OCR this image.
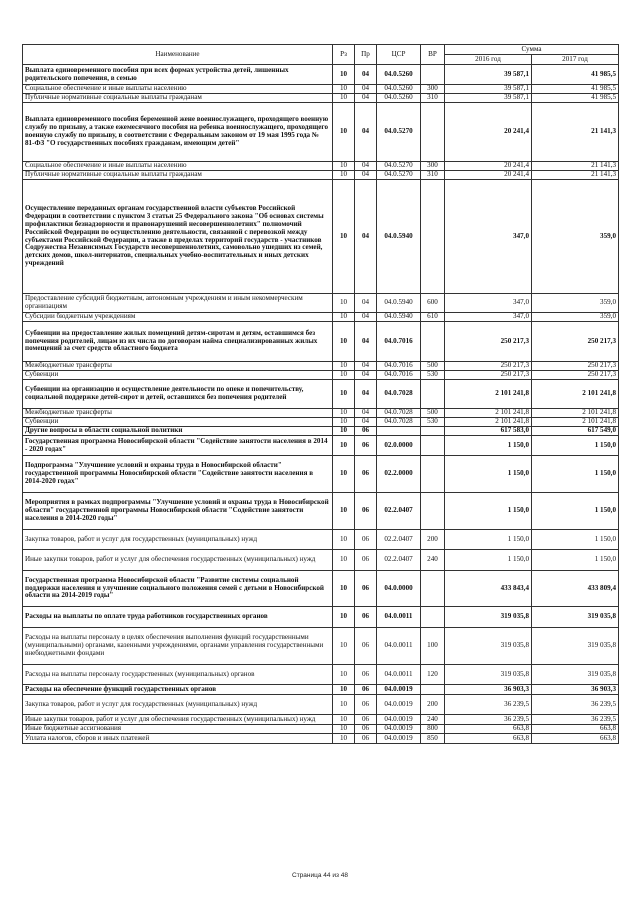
Наименование	Рз	Пр	ЦСР	ВР	Сумма	
					2016 год	2017 год
Выплата единовременного пособия при всех формах устройства детей, лишенных родительского попечения, в семью	10	04	04.0.5260		39 587,1	41 985,5
Социальное обеспечение и иные выплаты населению	10	04	04.0.5260	300	39 587,1	41 985,5
Публичные нормативные социальные выплаты гражданам	10	04	04.0.5260	310	39 587,1	41 985,5
Выплата единовременного пособия беременной жене военнослужащего, проходящего военную службу по призыву, а также ежемесячного пособия на ребенка военнослужащего, проходящего военную службу по призыву, в соответствии с Федеральным законом от 19 мая 1995 года № 81-ФЗ "О государственных пособиях гражданам, имеющим детей"	10	04	04.0.5270		20 241,4	21 141,3
Социальное обеспечение и иные выплаты населению	10	04	04.0.5270	300	20 241,4	21 141,3
Публичные нормативные социальные выплаты гражданам	10	04	04.0.5270	310	20 241,4	21 141,3
Осуществление переданных органам государственной власти субъектов Российской Федерации в соответствии с пунктом 3 статьи 25 Федерального закона "Об основах системы профилактики безнадзорности и правонарушений несовершеннолетних" полномочий Российской Федерации по осуществлению деятельности, связанной с перевозкой между субъектами Российской Федерации, а также в пределах территорий государств - участников Содружества Независимых Государств несовершеннолетних, самовольно ушедших из семей, детских домов, школ-интернатов, специальных учебно-воспитательных и иных детских учреждений	10	04	04.0.5940		347,0	359,0
Предоставление субсидий бюджетным, автономным учреждениям и иным некоммерческим организациям	10	04	04.0.5940	600	347,0	359,0
Субсидии бюджетным учреждениям	10	04	04.0.5940	610	347,0	359,0
Субвенции на предоставление жилых помещений детям-сиротам и детям, оставшимся без попечения родителей, лицам из их числа по договорам найма специализированных жилых помещений за счет средств областного бюджета	10	04	04.0.7016		250 217,3	250 217,3
Межбюджетные трансферты	10	04	04.0.7016	500	250 217,3	250 217,3
Субвенции	10	04	04.0.7016	530	250 217,3	250 217,3
Субвенции на организацию и осуществление деятельности по опеке и попечительству, социальной поддержке детей-сирот и детей, оставшихся без попечения родителей	10	04	04.0.7028		2 101 241,8	2 101 241,8
Межбюджетные трансферты	10	04	04.0.7028	500	2 101 241,8	2 101 241,8
Субвенции	10	04	04.0.7028	530	2 101 241,8	2 101 241,8
Другие вопросы в области социальной политики	10	06			617 583,0	617 549,0
Государственная программа Новосибирской области "Содействие занятости населения в 2014 - 2020 годах"	10	06	02.0.0000		1 150,0	1 150,0
Подпрограмма "Улучшение условий и охраны труда в Новосибирской области" государственной программы Новосибирской области "Содействие занятости населения в 2014-2020 годах"	10	06	02.2.0000		1 150,0	1 150,0
Мероприятия в рамках подпрограммы "Улучшение условий и охраны труда в Новосибирской области" государственной программы Новосибирской области "Содействие занятости населения в 2014-2020 годы"	10	06	02.2.0407		1 150,0	1 150,0
Закупка товаров, работ и услуг для государственных (муниципальных) нужд	10	06	02.2.0407	200	1 150,0	1 150,0
Иные закупки товаров, работ и услуг для обеспечения государственных (муниципальных) нужд	10	06	02.2.0407	240	1 150,0	1 150,0
Государственная программа Новосибирской области "Развитие системы социальной поддержки населения и улучшение социального положения семей с детьми в Новосибирской области на 2014-2019 годы"	10	06	04.0.0000		433 843,4	433 809,4
Расходы на выплаты по оплате труда работников государственных органов	10	06	04.0.0011		319 035,8	319 035,8
Расходы на выплаты персоналу в целях обеспечения выполнения функций государственными (муниципальными) органами, казенными учреждениями, органами управления государственными внебюджетными фондами	10	06	04.0.0011	100	319 035,8	319 035,8
Расходы на выплаты персоналу государственных (муниципальных) органов	10	06	04.0.0011	120	319 035,8	319 035,8
Расходы на обеспечение функций государственных органов	10	06	04.0.0019		36 903,3	36 903,3
Закупка товаров, работ и услуг для государственных (муниципальных) нужд	10	06	04.0.0019	200	36 239,5	36 239,5
Иные закупки товаров, работ и услуг для обеспечения государственных (муниципальных) нужд	10	06	04.0.0019	240	36 239,5	36 239,5
Иные бюджетные ассигнования	10	06	04.0.0019	800	663,8	663,8
Уплата налогов, сборов и иных платежей	10	06	04.0.0019	850	663,8	663,8
Страница 44 из 48
